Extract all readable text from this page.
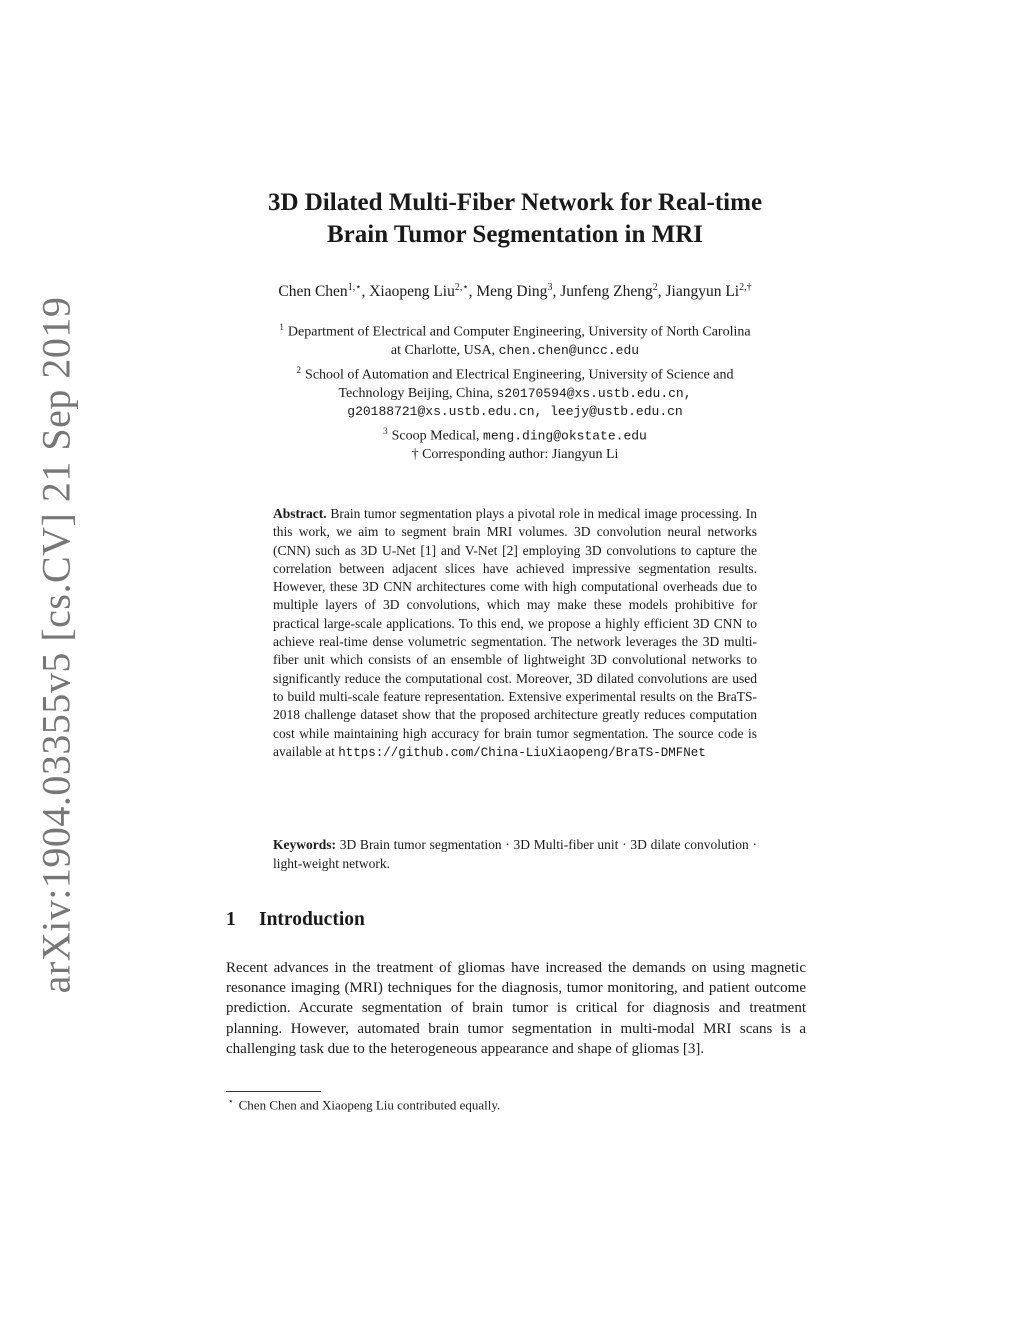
arXiv:1904.03355v5 [cs.CV] 21 Sep 2019
3D Dilated Multi-Fiber Network for Real-time
Brain Tumor Segmentation in MRI
Chen Chen$^{1,⋆}$, Xiaopeng Liu$^{2,⋆}$, Meng Ding$^3$, Junfeng Zheng$^2$, Jiangyun $Li^{2,\dagger}$
$^1$ Department of Electrical and Computer Engineering, University of North Carolina
at Charlotte, USA, chen.chen@uncc.edu
$^2$ School of Automation and Electrical Engineering, University of Science and
Technology Beijing, China, s20170594@xs.ustb.edu.cn,
g20188721@xs.ustb.edu.cn, leejy@ustb.edu.cn
$^3$ Scoop Medical, meng.ding@okstate.edu
† Corresponding author: Jiangyun Li
Abstract. Brain tumor segmentation plays a pivotal role in medical image processing. In this work, we aim to segment brain MRI volumes. 3D convolution neural networks (CNN) such as 3D U-Net [1] and V-Net [2] employing 3D convolutions to capture the correlation between adjacent slices have achieved impressive segmentation results. However, these 3D CNN architectures come with high computational overheads due to multiple layers of 3D convolutions, which may make these models prohibitive for practical large-scale applications. To this end, we propose a highly efficient 3D CNN to achieve real-time dense volumetric segmentation. The network leverages the 3D multi-fiber unit which consists of an ensemble of lightweight 3D convolutional networks to significantly reduce the computational cost. Moreover, 3D dilated convolutions are used to build multi-scale feature representation. Extensive experimental results on the BraTS-2018 challenge dataset show that the proposed architecture greatly reduces computation cost while maintaining high accuracy for brain tumor segmentation. The source code is available at https://github.com/China-LiuXiaopeng/BraTS-DMFNet
Keywords: 3D Brain tumor segmentation · 3D Multi-fiber unit · 3D dilate convolution · light-weight network.
1 Introduction
Recent advances in the treatment of gliomas have increased the demands on using magnetic resonance imaging (MRI) techniques for the diagnosis, tumor monitoring, and patient outcome prediction. Accurate segmentation of brain tumor is critical for diagnosis and treatment planning. However, automated brain tumor segmentation in multi-modal MRI scans is a challenging task due to the heterogeneous appearance and shape of gliomas [3].
⋆ Chen Chen and Xiaopeng Liu contributed equally.
